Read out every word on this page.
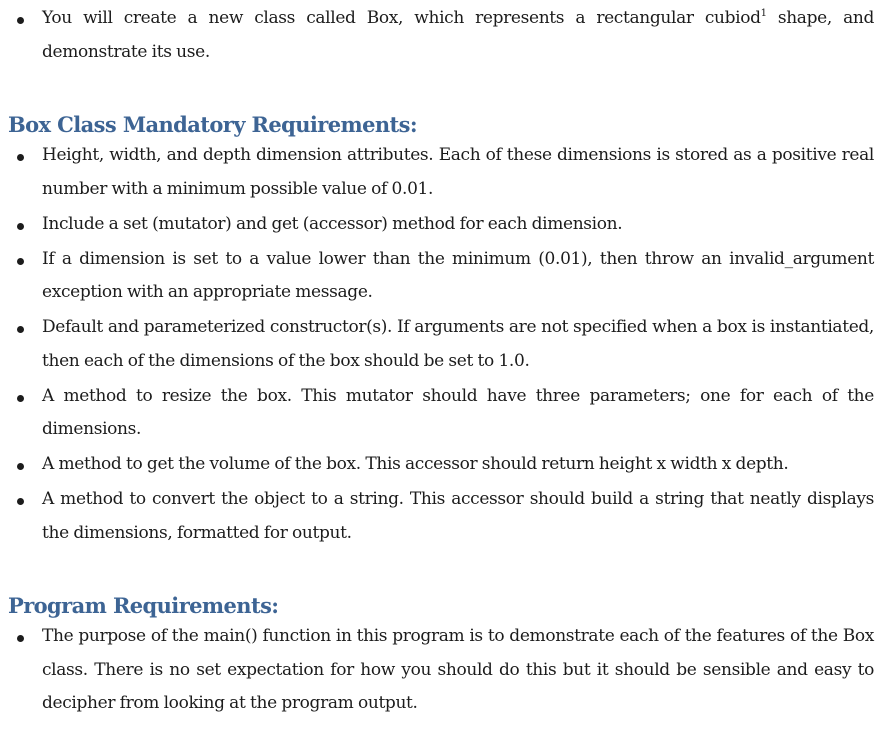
You will create a new class called Box, which represents a rectangular cubiod$^1$ shape, and demonstrate its use.
Box Class Mandatory Requirements:
Height, width, and depth dimension attributes. Each of these dimensions is stored as a positive real number with a minimum possible value of 0.01.
Include a set (mutator) and get (accessor) method for each dimension.
If a dimension is set to a value lower than the minimum (0.01), then throw an invalid_argument exception with an appropriate message.
Default and parameterized constructor(s). If arguments are not specified when a box is instantiated, then each of the dimensions of the box should be set to 1.0.
A method to resize the box. This mutator should have three parameters; one for each of the dimensions.
A method to get the volume of the box. This accessor should return height x width x depth.
A method to convert the object to a string. This accessor should build a string that neatly displays the dimensions, formatted for output.
Program Requirements:
The purpose of the main() function in this program is to demonstrate each of the features of the Box class. There is no set expectation for how you should do this but it should be sensible and easy to decipher from looking at the program output.
